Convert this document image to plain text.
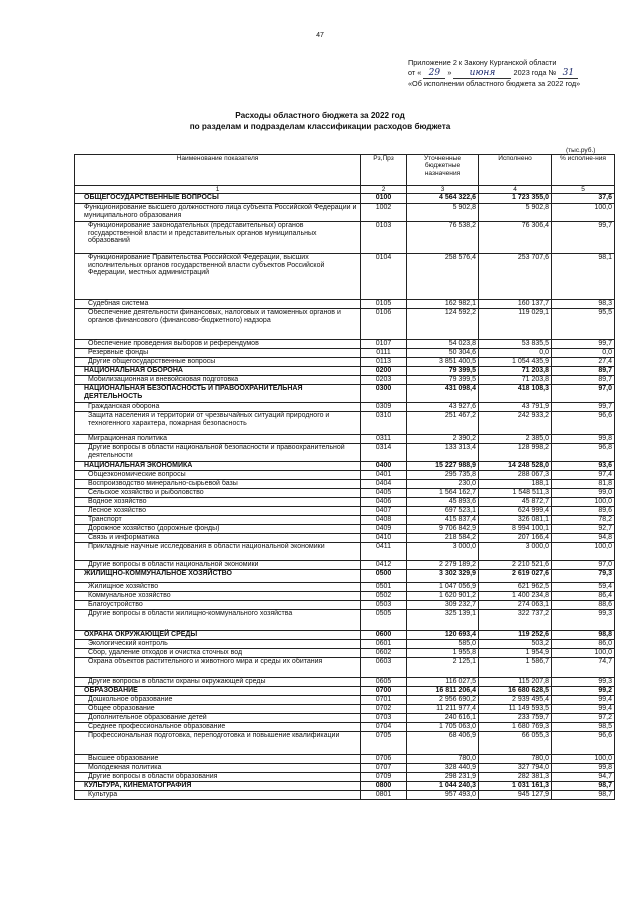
47
Приложение 2 к Закону Курганской области
от « 29 » июня 2023 года № 31
«Об исполнении областного бюджета за 2022 год»
Расходы областного бюджета за 2022 год
по разделам и подразделам классификации расходов бюджета
(тыс.руб.)
Наименование показателя	Рз,Прз	Уточненные бюджетные назначения	Исполнено	% исполне-ния
1	2	3	4	5
ОБЩЕГОСУДАРСТВЕННЫЕ ВОПРОСЫ	0100	4 564 322,6	1 723 355,0	37,6
Функционирование высшего должностного лица субъекта Российской Федерации и муниципального образования	1002	5 902,8	5 902,8	100,0
Функционирование законодательных (представительных) органов государственной власти и представительных органов муниципальных образований	0103	76 538,2	76 306,4	99,7
Функционирование Правительства Российской Федерации, высших исполнительных органов государственной власти субъектов Российской Федерации, местных администраций	0104	258 576,4	253 707,6	98,1
Судебная система	0105	162 982,1	160 137,7	98,3
Обеспечение деятельности финансовых, налоговых и таможенных органов и органов финансового (финансово-бюджетного) надзора	0106	124 592,2	119 029,1	95,5
Обеспечение проведения выборов и референдумов	0107	54 023,8	53 835,5	99,7
Резервные фонды	0111	50 304,6	0,0	0,0
Другие общегосударственные вопросы	0113	3 851 400,5	1 054 435,9	27,4
НАЦИОНАЛЬНАЯ ОБОРОНА	0200	79 399,5	71 203,8	89,7
Мобилизационная и вневойсковая подготовка	0203	79 399,5	71 203,8	89,7
НАЦИОНАЛЬНАЯ БЕЗОПАСНОСТЬ И ПРАВООХРАНИТЕЛЬНАЯ ДЕЯТЕЛЬНОСТЬ	0300	431 098,4	418 108,3	97,0
Гражданская оборона	0309	43 927,6	43 791,9	99,7
Защита населения и территории от чрезвычайных ситуаций природного и техногенного характера, пожарная безопасность	0310	251 467,2	242 933,2	96,6
Миграционная политика	0311	2 390,2	2 385,0	99,8
Другие вопросы в области национальной безопасности и правоохранительной деятельности	0314	133 313,4	128 998,2	96,8
НАЦИОНАЛЬНАЯ ЭКОНОМИКА	0400	15 227 988,9	14 248 528,0	93,6
Общеэкономические вопросы	0401	295 735,8	288 067,3	97,4
Воспроизводство минерально-сырьевой базы	0404	230,0	188,1	81,8
Сельское хозяйство и рыболовство	0405	1 564 162,7	1 548 511,3	99,0
Водное хозяйство	0406	45 893,6	45 872,7	100,0
Лесное хозяйство	0407	697 523,1	624 999,4	89,6
Транспорт	0408	415 837,4	326 081,1	78,2
Дорожное хозяйство (дорожные фонды)	0409	9 706 842,9	8 994 100,1	92,7
Связь и информатика	0410	218 584,2	207 166,4	94,8
Прикладные научные исследования в области национальной экономики	0411	3 000,0	3 000,0	100,0
Другие вопросы в области национальной экономики	0412	2 279 189,2	2 210 521,6	97,0
ЖИЛИЩНО-КОММУНАЛЬНОЕ ХОЗЯЙСТВО	0500	3 302 329,9	2 619 027,6	79,3
Жилищное хозяйство	0501	1 047 056,9	621 962,5	59,4
Коммунальное хозяйство	0502	1 620 901,2	1 400 234,8	86,4
Благоустройство	0503	309 232,7	274 063,1	88,6
Другие вопросы в области жилищно-коммунального хозяйства	0505	325 139,1	322 737,2	99,3
ОХРАНА ОКРУЖАЮЩЕЙ СРЕДЫ	0600	120 693,4	119 252,6	98,8
Экологический контроль	0601	585,0	503,2	86,0
Сбор, удаление отходов и очистка сточных вод	0602	1 955,8	1 954,9	100,0
Охрана объектов растительного и животного мира и среды их обитания	0603	2 125,1	1 586,7	74,7
Другие вопросы в области охраны окружающей среды	0605	116 027,5	115 207,8	99,3
ОБРАЗОВАНИЕ	0700	16 811 206,4	16 680 628,5	99,2
Дошкольное образование	0701	2 956 690,2	2 939 495,4	99,4
Общее образование	0702	11 211 977,4	11 149 593,5	99,4
Дополнительное образование детей	0703	240 616,1	233 759,7	97,2
Среднее профессиональное образование	0704	1 705 063,0	1 680 769,3	98,5
Профессиональная подготовка, переподготовка и повышение квалификации	0705	68 406,9	66 055,3	96,6
Высшее образование	0706	780,0	780,0	100,0
Молодежная политика	0707	328 440,9	327 794,0	99,8
Другие вопросы в области образования	0709	298 231,9	282 381,3	94,7
КУЛЬТУРА, КИНЕМАТОГРАФИЯ	0800	1 044 240,3	1 031 161,3	98,7
Культура	0801	957 493,0	945 127,9	98,7
